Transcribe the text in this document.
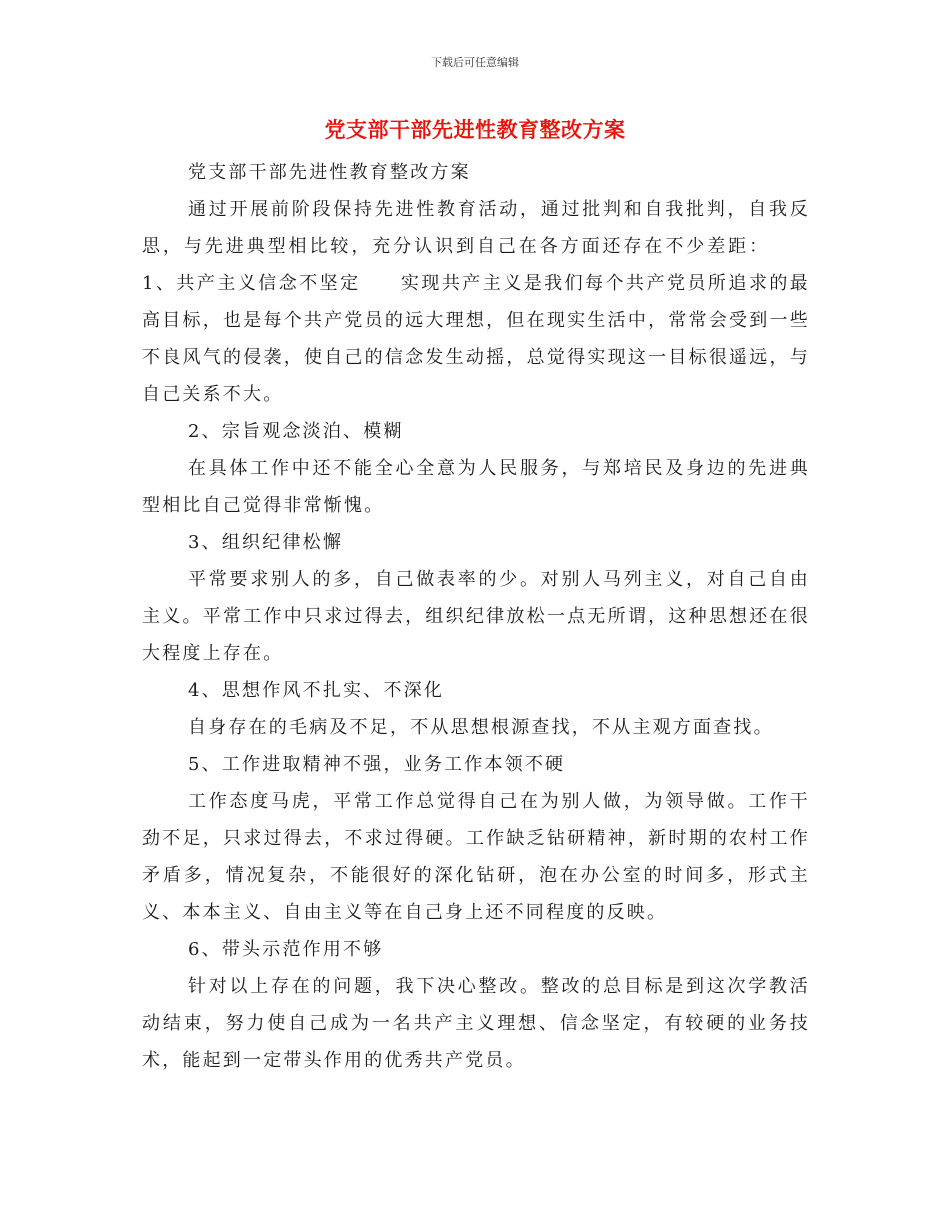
下载后可任意编辑
党支部干部先进性教育整改方案

党支部干部先进性教育整改方案

通过开展前阶段保持先进性教育活动，通过批判和自我批判，自我反思，与先进典型相比较，充分认识到自己在各方面还存在不少差距：1、共产主义信念不坚定 实现共产主义是我们每个共产党员所追求的最高目标，也是每个共产党员的远大理想，但在现实生活中，常常会受到一些不良风气的侵袭，使自己的信念发生动摇，总觉得实现这一目标很遥远，与自己关系不大。

2、宗旨观念淡泊、模糊

在具体工作中还不能全心全意为人民服务，与郑培民及身边的先进典型相比自己觉得非常惭愧。

3、组织纪律松懈

平常要求别人的多，自己做表率的少。对别人马列主义，对自己自由主义。平常工作中只求过得去，组织纪律放松一点无所谓，这种思想还在很大程度上存在。

4、思想作风不扎实、不深化

自身存在的毛病及不足，不从思想根源查找，不从主观方面查找。

5、工作进取精神不强，业务工作本领不硬

工作态度马虎，平常工作总觉得自己在为别人做，为领导做。工作干劲不足，只求过得去，不求过得硬。工作缺乏钻研精神，新时期的农村工作矛盾多，情况复杂，不能很好的深化钻研，泡在办公室的时间多，形式主义、本本主义、自由主义等在自己身上还不同程度的反映。

6、带头示范作用不够

针对以上存在的问题，我下决心整改。整改的总目标是到这次学教活动结束，努力使自己成为一名共产主义理想、信念坚定，有较硬的业务技术，能起到一定带头作用的优秀共产党员。
